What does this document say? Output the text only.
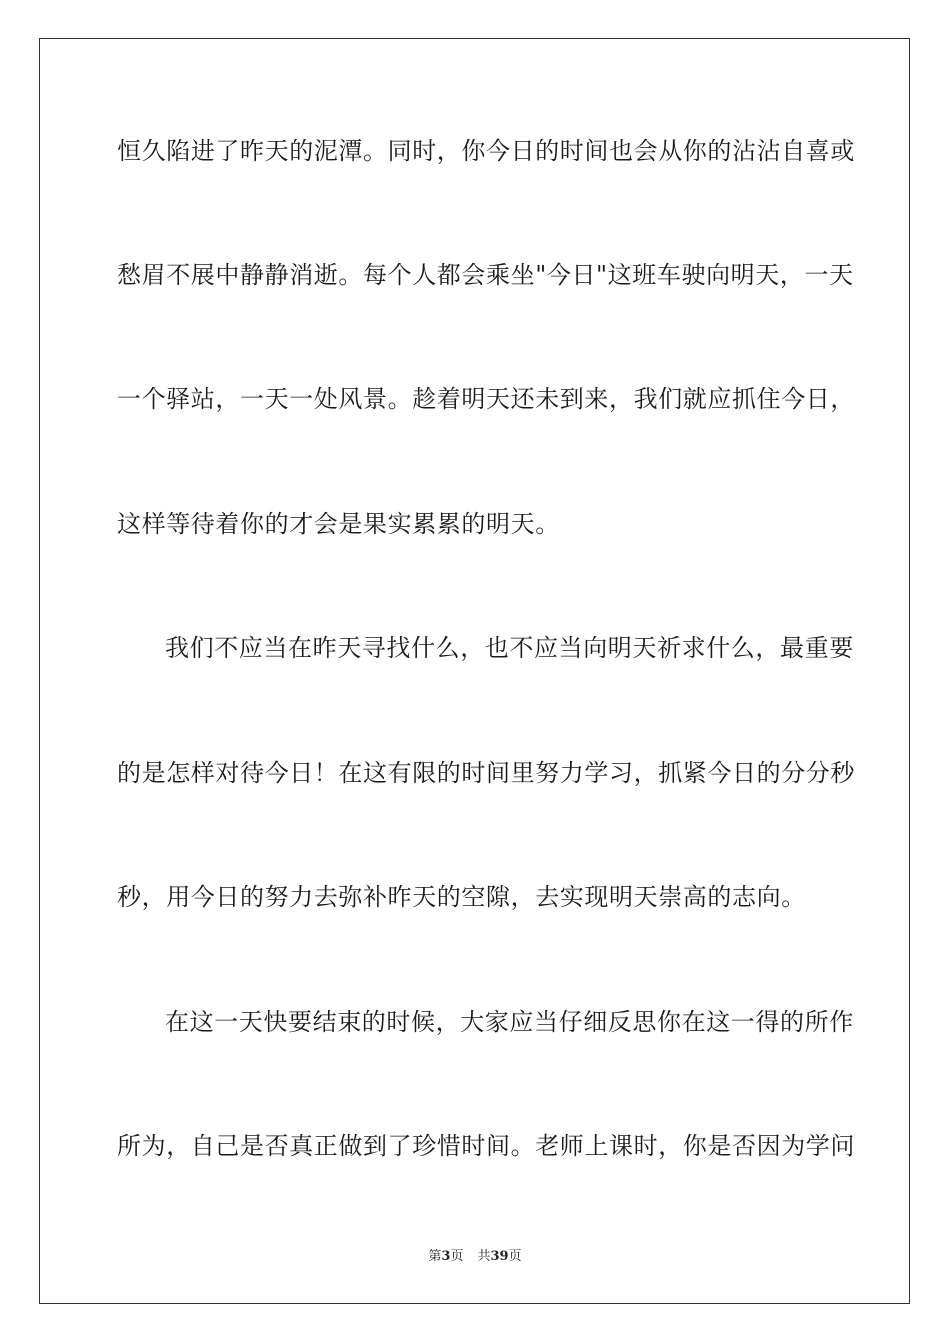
恒久陷进了昨天的泥潭。同时，你今日的时间也会从你的沾沾自喜或
愁眉不展中静静消逝。每个人都会乘坐"今日"这班车驶向明天，一天
一个驿站，一天一处风景。趁着明天还未到来，我们就应抓住今日，
这样等待着你的才会是果实累累的明天。
我们不应当在昨天寻找什么，也不应当向明天祈求什么，最重要
的是怎样对待今日！在这有限的时间里努力学习，抓紧今日的分分秒
秒，用今日的努力去弥补昨天的空隙，去实现明天崇高的志向。
在这一天快要结束的时候，大家应当仔细反思你在这一得的所作
所为，自己是否真正做到了珍惜时间。老师上课时，你是否因为学问
第3页 共39页
